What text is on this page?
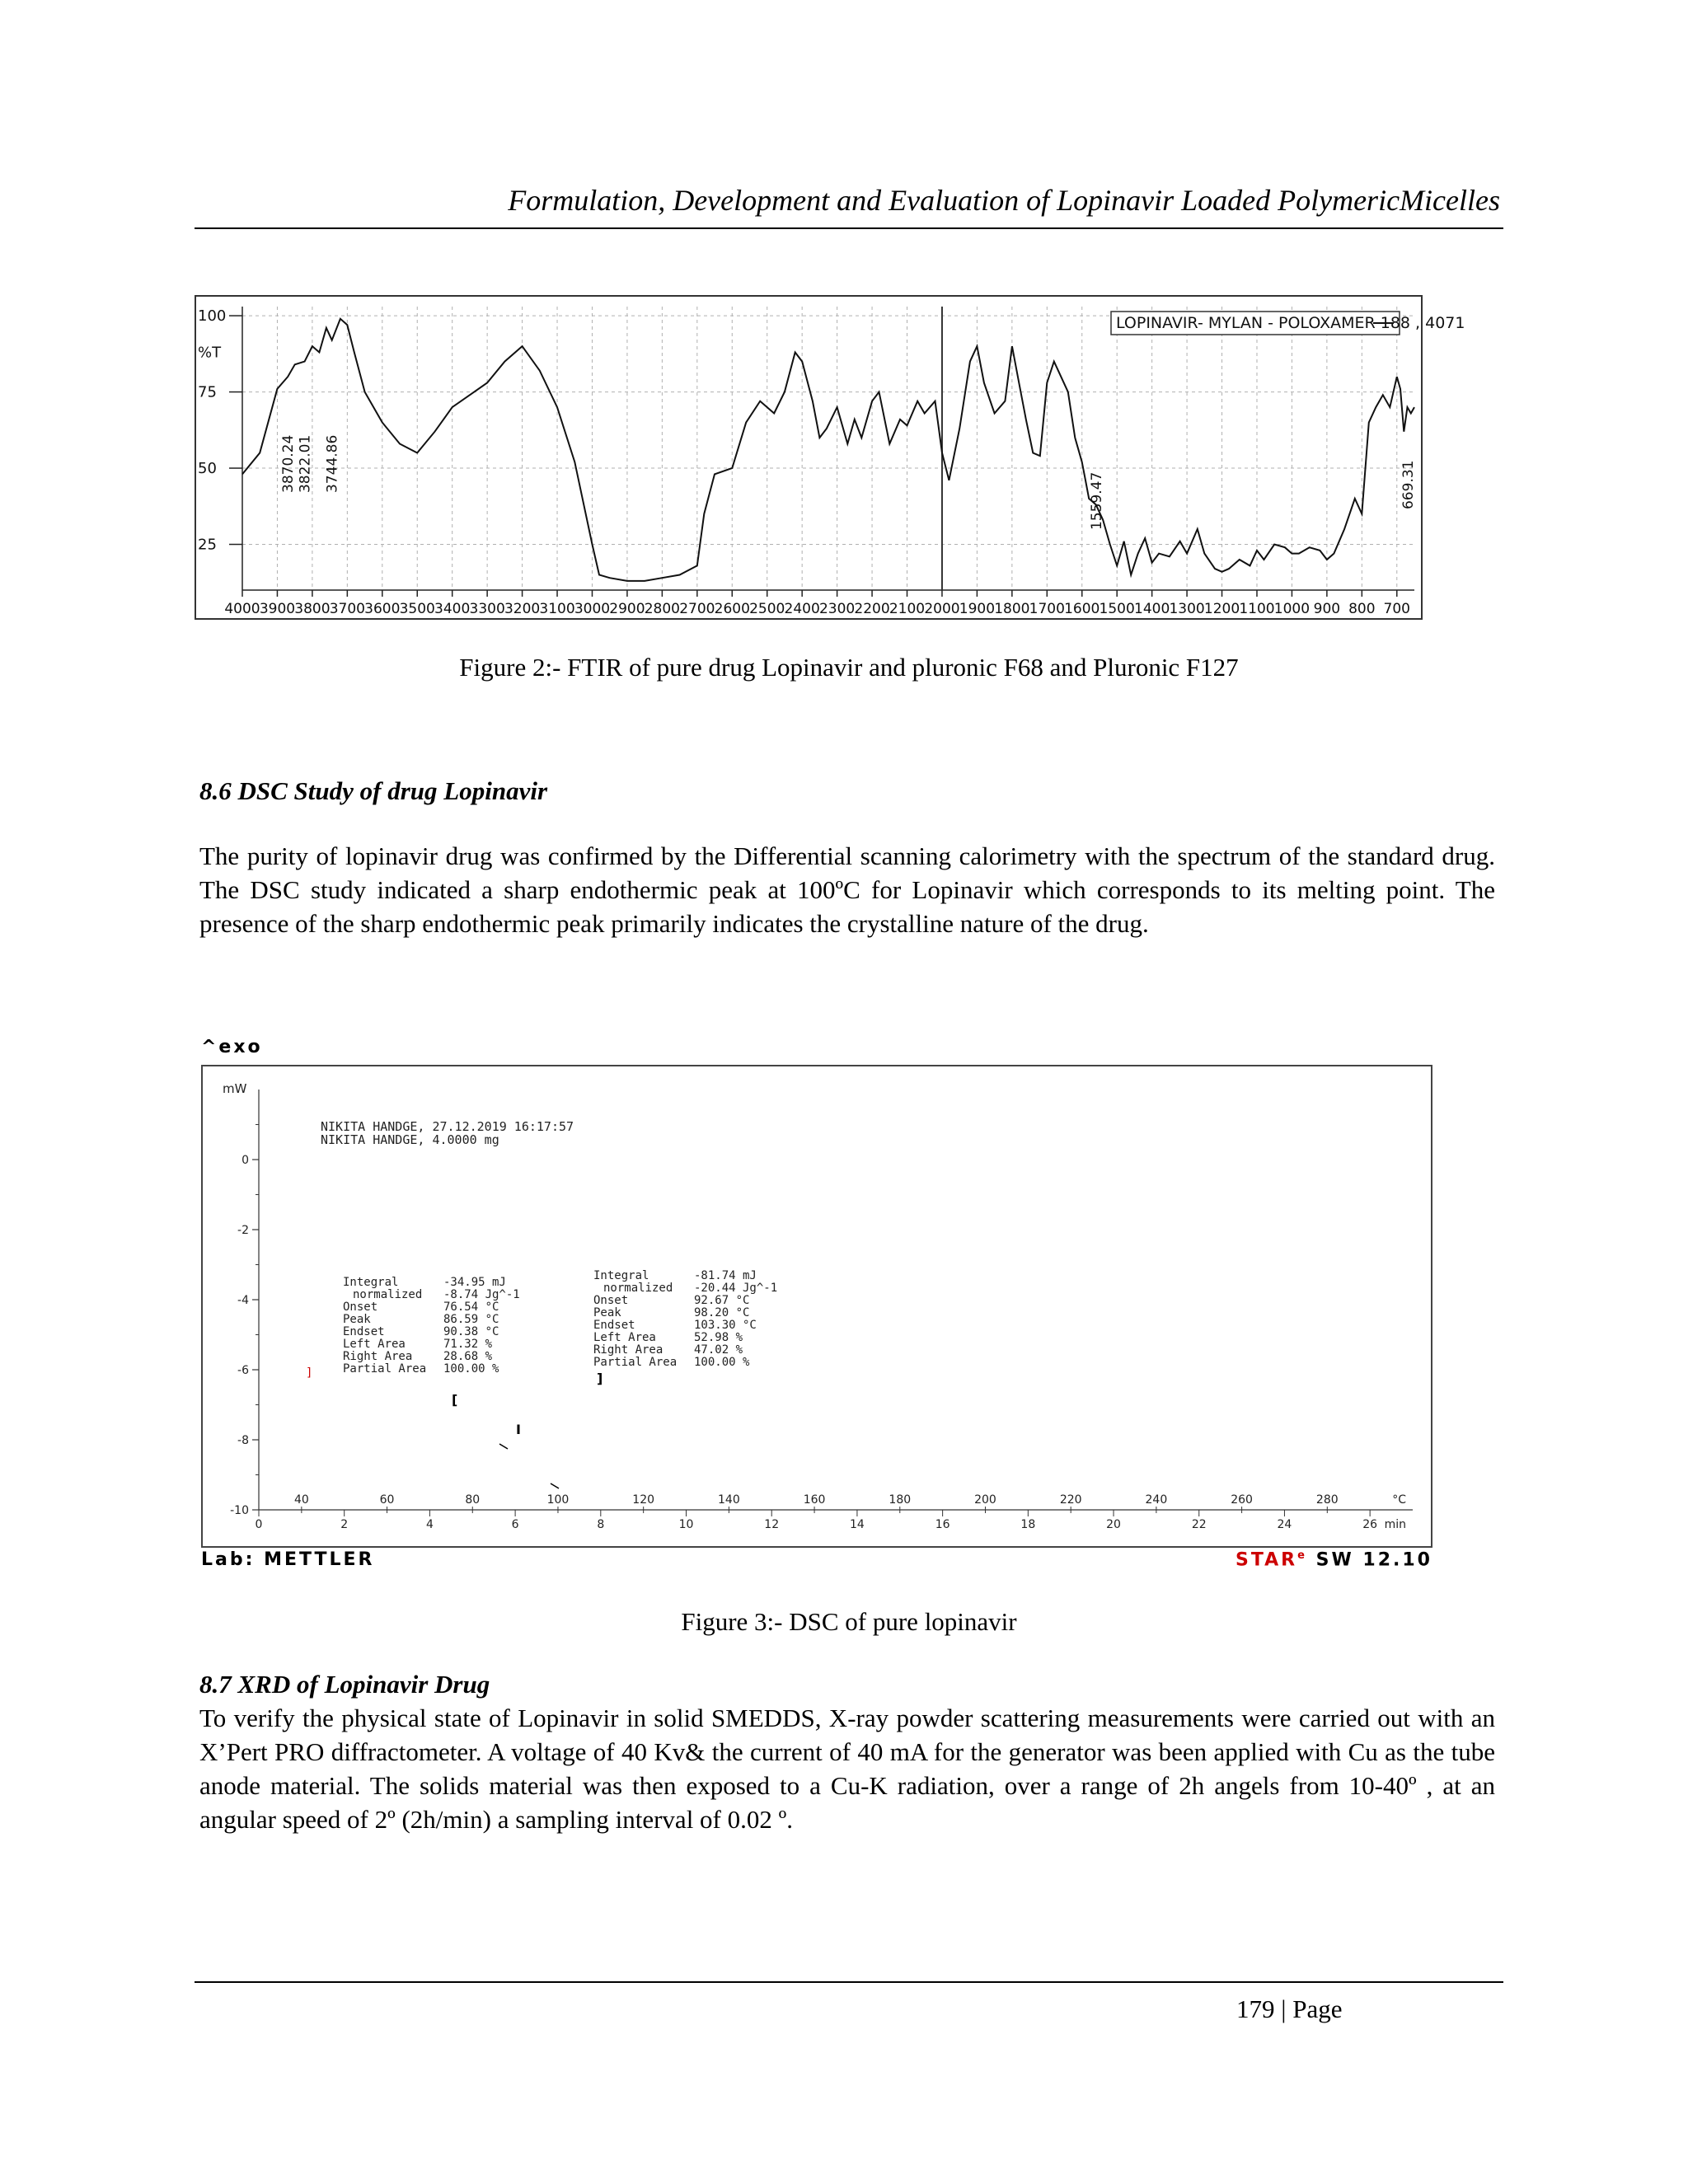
Formulation, Development and Evaluation of Lopinavir Loaded PolymericMicelles
4000 3900 3800 3700 3600 3500 3400 3300 3200 3100 3000 2900 2800 2700 2600 2500 2400 2300 2200 2100 2000 1900 1800 1700 1600 1500 1400 1300 1200 1100 1000 900 800 700
100
75
50
25
%T
3870.24 3822.01 3744.86
1559.47	669.31
LOPINAVIR- MYLAN - POLOXAMER 188 , 4071
Figure 2:- FTIR of pure drug Lopinavir and pluronic F68 and Pluronic F127
8.6 DSC Study of drug Lopinavir
The purity of lopinavir drug was confirmed by the Differential scanning calorimetry with the spectrum of the standard drug. The DSC study indicated a sharp endothermic peak at 100ºC for Lopinavir which corresponds to its melting point. The presence of the sharp endothermic peak primarily indicates the crystalline nature of the drug.
^exo
mW
NIKITA HANDGE, 27.12.2019 16:17:57
NIKITA HANDGE, 4.0000 mg
0
-2
-4
-6
-8
-10
40	60	80	100	120	140	160	180	200	220	240	260	280	°C
0	2	4	6	8	10	12	14	16	18	20	22	24	26 min
Integral	-34.95 mJ
normalized -8.74 Jg^-1
Onset	76.54 °C
Peak	86.59 °C
Endset	90.38 °C
Left Area	71.32 %
Right Area	28.68 %
Partial Area 100.00 %
Integral	-81.74 mJ
normalized -20.44 Jg^-1
Onset	92.67 °C
Peak	98.20 °C
Endset	103.30 °C
Left Area	52.98 %
Right Area	47.02 %
Partial Area 100.00 %
]
[
I
]
Lab: METTLER	STAR$^e$ SW 12.10
Figure 3:- DSC of pure lopinavir
8.7 XRD of Lopinavir Drug
To verify the physical state of Lopinavir in solid SMEDDS, X-ray powder scattering measurements were carried out with an X’Pert PRO diffractometer. A voltage of 40 Kv& the current of 40 mA for the generator was been applied with Cu as the tube anode material. The solids material was then exposed to a Cu-K radiation, over a range of 2h angels from 10-40º , at an angular speed of 2º (2h/min) a sampling interval of 0.02 º.
179 | Page
